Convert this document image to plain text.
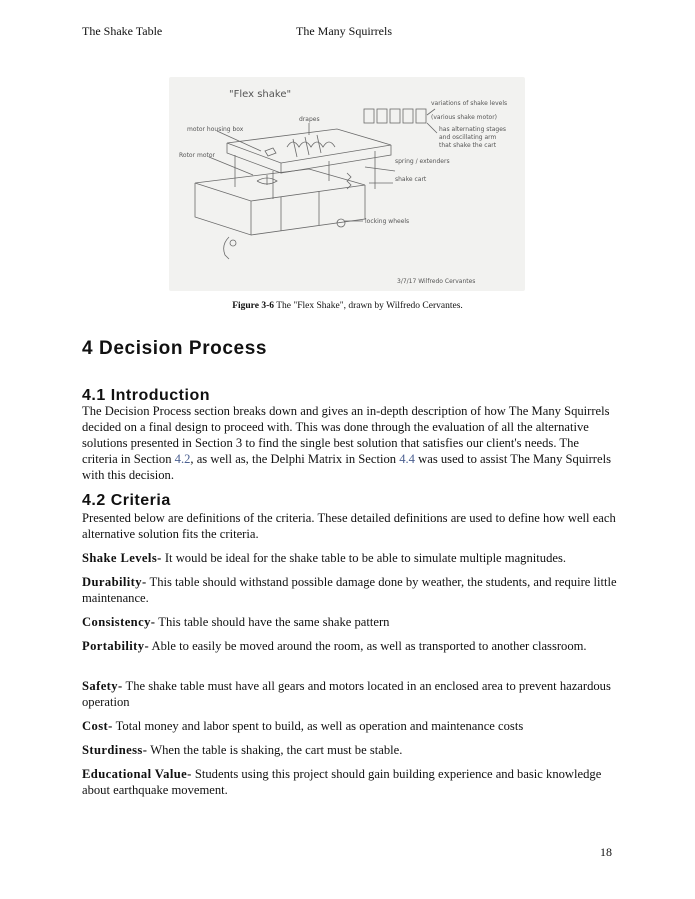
The Shake Table	The Many Squirrels
"Flex shake"
drapes
motor housing box
Rotor motor
spring / extenders
shake cart
locking wheels
variations of shake levels
(various shake motor)
has alternating stages
and oscillating arm
that shake the cart
3/7/17 Wilfredo Cervantes
Figure 3-6 The "Flex Shake", drawn by Wilfredo Cervantes.
4 Decision Process
4.1 Introduction

The Decision Process section breaks down and gives an in-depth description of how The Many Squirrels decided on a final design to proceed with. This was done through the evaluation of all the alternative solutions presented in Section 3 to find the single best solution that satisfies our client's needs. The criteria in Section 4.2, as well as, the Delphi Matrix in Section 4.4 was used to assist The Many Squirrels with this decision.

4.2 Criteria

Presented below are definitions of the criteria. These detailed definitions are used to define how well each alternative solution fits the criteria.

Shake Levels- It would be ideal for the shake table to be able to simulate multiple magnitudes.

Durability- This table should withstand possible damage done by weather, the students, and require little maintenance.

Consistency- This table should have the same shake pattern

Portability- Able to easily be moved around the room, as well as transported to another classroom.

Safety- The shake table must have all gears and motors located in an enclosed area to prevent hazardous operation

Cost- Total money and labor spent to build, as well as operation and maintenance costs

Sturdiness- When the table is shaking, the cart must be stable.

Educational Value- Students using this project should gain building experience and basic knowledge about earthquake movement.

18
